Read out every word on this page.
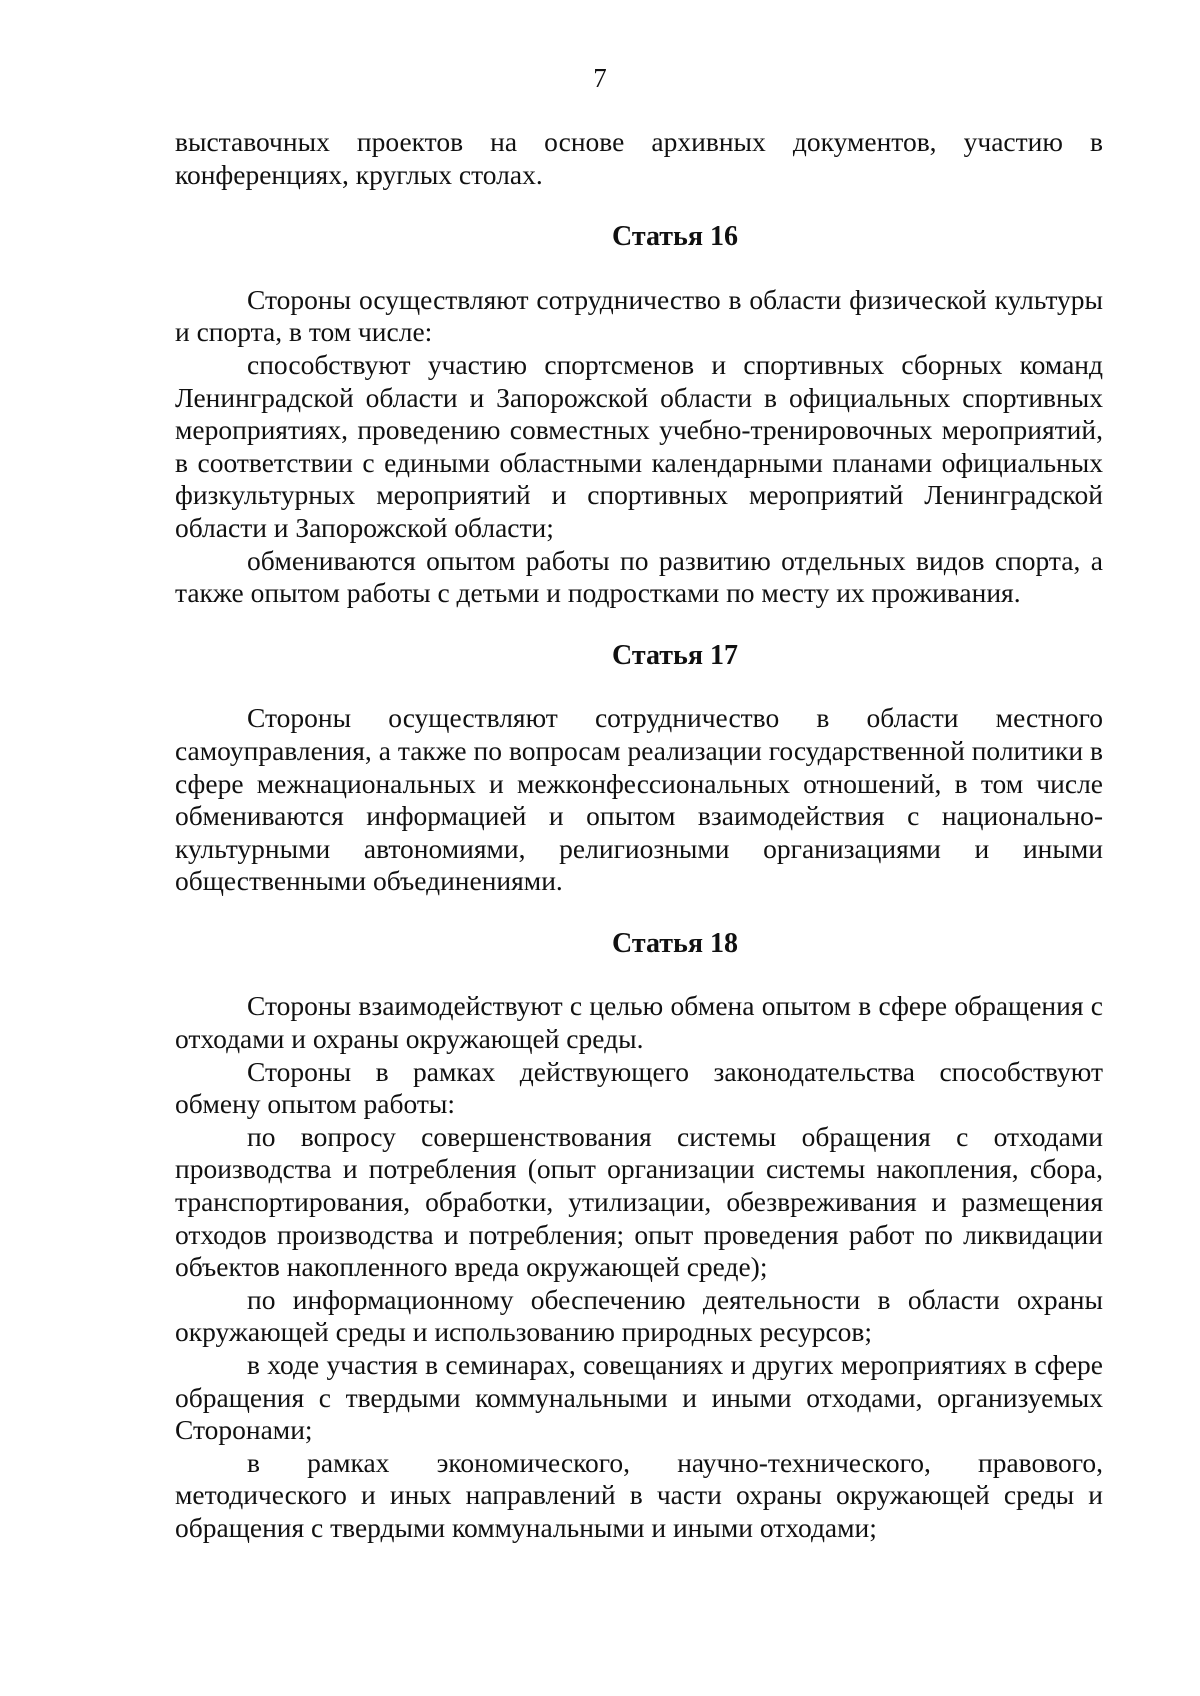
7

выставочных проектов на основе архивных документов, участию в конференциях, круглых столах.

Статья 16

Стороны осуществляют сотрудничество в области физической культуры и спорта, в том числе:

способствуют участию спортсменов и спортивных сборных команд Ленинградской области и Запорожской области в официальных спортивных мероприятиях, проведению совместных учебно-тренировочных мероприятий, в соответствии с едиными областными календарными планами официальных физкультурных мероприятий и спортивных мероприятий Ленинградской области и Запорожской области;

обмениваются опытом работы по развитию отдельных видов спорта, а также опытом работы с детьми и подростками по месту их проживания.

Статья 17

Стороны осуществляют сотрудничество в области местного самоуправления, а также по вопросам реализации государственной политики в сфере межнациональных и межконфессиональных отношений, в том числе обмениваются информацией и опытом взаимодействия с национально-культурными автономиями, религиозными организациями и иными общественными объединениями.

Статья 18

Стороны взаимодействуют с целью обмена опытом в сфере обращения с отходами и охраны окружающей среды.

Стороны в рамках действующего законодательства способствуют обмену опытом работы:

по вопросу совершенствования системы обращения с отходами производства и потребления (опыт организации системы накопления, сбора, транспортирования, обработки, утилизации, обезвреживания и размещения отходов производства и потребления; опыт проведения работ по ликвидации объектов накопленного вреда окружающей среде);

по информационному обеспечению деятельности в области охраны окружающей среды и использованию природных ресурсов;

в ходе участия в семинарах, совещаниях и других мероприятиях в сфере обращения с твердыми коммунальными и иными отходами, организуемых Сторонами;

в рамках экономического, научно-технического, правового, методического и иных направлений в части охраны окружающей среды и обращения с твердыми коммунальными и иными отходами;
